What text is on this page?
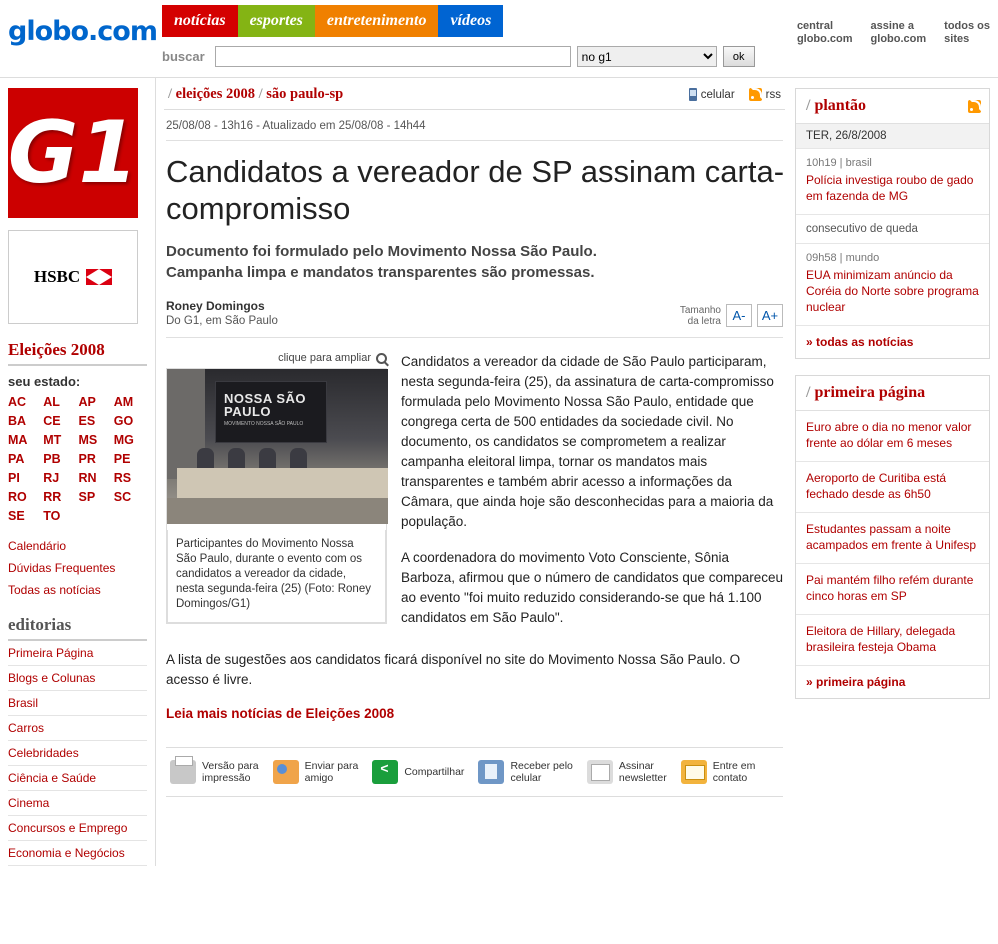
globo.com	notícias	esportes	entretenimento	vídeos
buscar
no g1	ok
central
globo.com
assine a
globo.com
todos os
sites
G1
HSBC
Eleições 2008
seu estado:
AC	AL	AP	AM
BA	CE	ES	GO
MA	MT	MS	MG
PA	PB	PR	PE
PI	RJ	RN	RS
RO	RR	SP	SC
SE	TO
Calendário
Dúvidas Frequentes
Todas as notícias
editorias
Primeira Página
Blogs e Colunas
Brasil
Carros
Celebridades
Ciência e Saúde
Cinema
Concursos e Emprego
Economia e Negócios
/ eleições 2008 / são paulo-sp	celular	rss
25/08/08 - 13h16 - Atualizado em 25/08/08 - 14h44
Candidatos a vereador de SP assinam carta-compromisso
Documento foi formulado pelo Movimento Nossa São Paulo.
Campanha limpa e mandatos transparentes são promessas.
Roney Domingos
Do G1, em São Paulo
Tamanho
da letra A-	A+
clique para ampliar
NOSSA SÃO PAULO
MOVIMENTO NOSSA SÃO PAULO
Participantes do Movimento Nossa São Paulo, durante o evento com os candidatos a vereador da cidade, nesta segunda-feira (25) (Foto: Roney Domingos/G1)

Candidatos a vereador da cidade de São Paulo participaram, nesta segunda-feira (25), da assinatura de carta-compromisso formulada pelo Movimento Nossa São Paulo, entidade que congrega certa de 500 entidades da sociedade civil. No documento, os candidatos se comprometem a realizar campanha eleitoral limpa, tornar os mandatos mais transparentes e também abrir acesso a informações da Câmara, que ainda hoje são desconhecidas para a maioria da população.

A coordenadora do movimento Voto Consciente, Sônia Barboza, afirmou que o número de candidatos que compareceu ao evento "foi muito reduzido considerando-se que há 1.100 candidatos em São Paulo".

A lista de sugestões aos candidatos ficará disponível no site do Movimento Nossa São Paulo. O acesso é livre.
Leia mais notícias de Eleições 2008
Versão para
impressão
Enviar para
amigo <	Compartilhar	Receber pelo
celular
Assinar
newsletter
Entre em
contato
/ plantão
TER, 26/8/2008
10h19 | brasil
Polícia investiga roubo de gado em fazenda de MG
consecutivo de queda
09h58 | mundo
EUA minimizam anúncio da Coréia do Norte sobre programa nuclear
» todas as notícias
/ primeira página
Euro abre o dia no menor valor frente ao dólar em 6 meses
Aeroporto de Curitiba está fechado desde as 6h50
Estudantes passam a noite acampados em frente à Unifesp
Pai mantém filho refém durante cinco horas em SP
Eleitora de Hillary, delegada brasileira festeja Obama
» primeira página
